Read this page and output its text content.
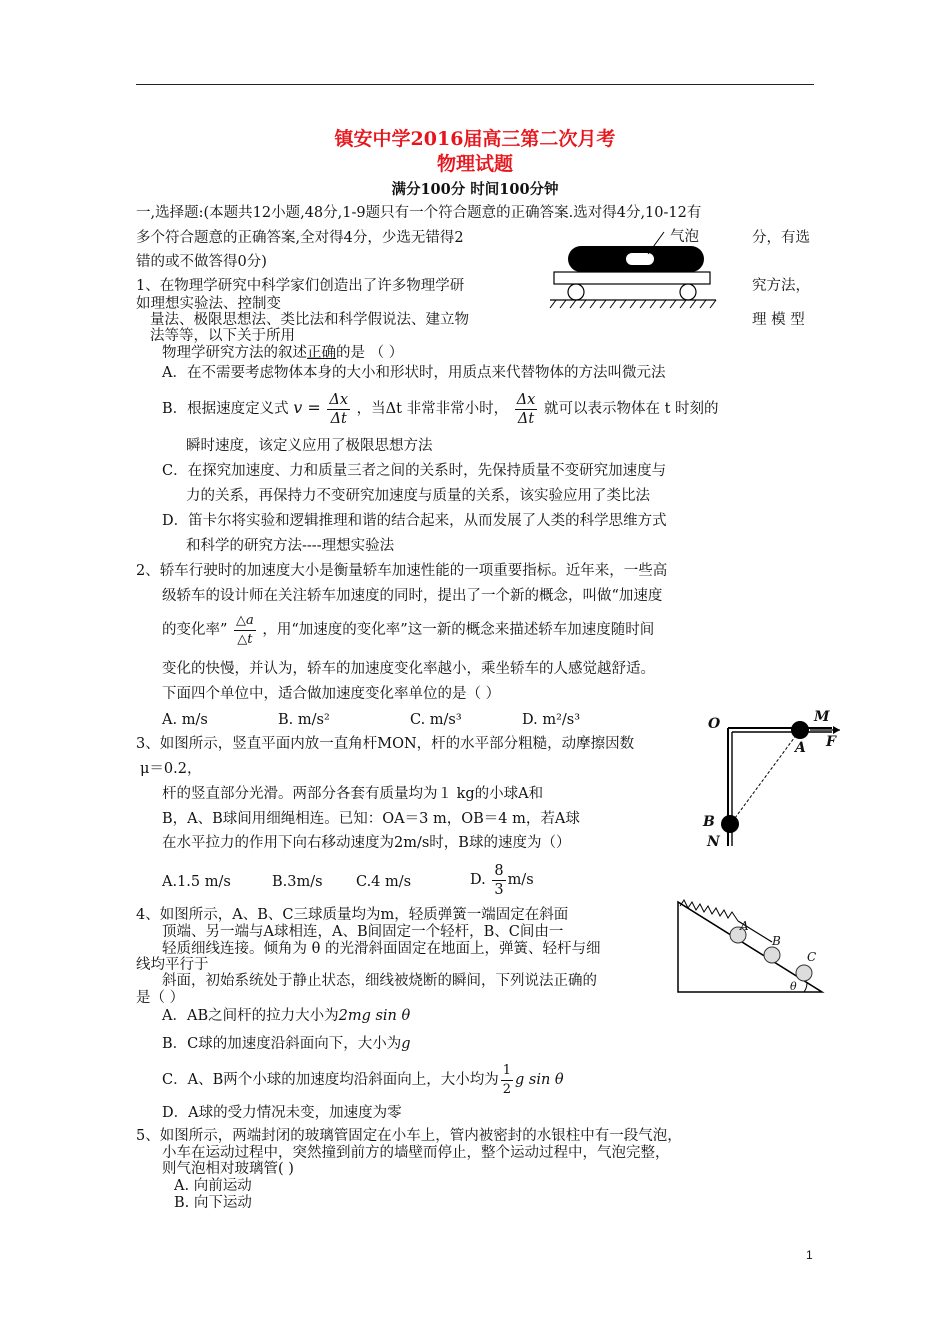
镇安中学2016届高三第二次月考
物理试题
满分100分 时间100分钟
一,选择题:(本题共12小题,48分,1-9题只有一个符合题意的正确答案.选对得4分,10-12有
多个符合题意的正确答案,全对得4分，少选无错得2	分，有选
错的或不做答得0分)
气泡
1、在物理学研究中科学家们创造出了许多物理学研	究方法，
如理想实验法、控制变
量法、极限思想法、类比法和科学假说法、建立物	理 模 型
法等等，以下关于所用
物理学研究方法的叙述正确的是 （ ）
A．在不需要考虑物体本身的大小和形状时，用质点来代替物体的方法叫微元法
B．根据速度定义式 $v = \frac{\Delta x}{\Delta t}$ ，当Δt 非常非常小时， $\frac{\Delta x}{\Delta t}$ 就可以表示物体在 t 时刻的
瞬时速度，该定义应用了极限思想方法
C．在探究加速度、力和质量三者之间的关系时，先保持质量不变研究加速度与
力的关系，再保持力不变研究加速度与质量的关系，该实验应用了类比法
D．笛卡尔将实验和逻辑推理和谐的结合起来，从而发展了人类的科学思维方式
和科学的研究方法----理想实验法
2、轿车行驶时的加速度大小是衡量轿车加速性能的一项重要指标。近年来，一些高
级轿车的设计师在关注轿车加速度的同时，提出了一个新的概念，叫做“加速度
的变化率” $\frac{\triangle a}{\triangle t}$ ，用“加速度的变化率”这一新的概念来描述轿车加速度随时间
变化的快慢，并认为，轿车的加速度变化率越小，乘坐轿车的人感觉越舒适。
下面四个单位中，适合做加速度变化率单位的是（ ）
A. m/s	B. m/s²	C. m/s³	D. m²/s³	O	M
A F
B
N
3、如图所示，竖直平面内放一直角杆MON，杆的水平部分粗糙，动摩擦因数
μ＝0.2，
杆的竖直部分光滑。两部分各套有质量均为１ kg的小球A和
B，A、B球间用细绳相连。已知：OA＝3 m，OB＝4 m，若A球
在水平拉力的作用下向右移动速度为2m/s时，B球的速度为（）
A.1.5 m/s	B.3m/s C.4 m/s	D. $\frac{8}{3} m/s$
A
B
C
θ
4、如图所示，A、B、C三球质量均为m，轻质弹簧一端固定在斜面
顶端、另一端与A球相连，A、B间固定一个轻杆，B、C间由一
轻质细线连接。倾角为 θ 的光滑斜面固定在地面上，弹簧、轻杆与细
线均平行于
斜面，初始系统处于静止状态，细线被烧断的瞬间，下列说法正确的
是（ ）
A．AB之间杆的拉力大小为2mg sin θ
B．C球的加速度沿斜面向下，大小为g
C．A、B两个小球的加速度均沿斜面向上，大小均为 $\frac{1}{2}$ g sin θ
D．A球的受力情况未变，加速度为零
5、如图所示，两端封闭的玻璃管固定在小车上，管内被密封的水银柱中有一段气泡，
小车在运动过程中，突然撞到前方的墙壁而停止，整个运动过程中，气泡完整，
则气泡相对玻璃管( )
A. 向前运动
B. 向下运动
1
